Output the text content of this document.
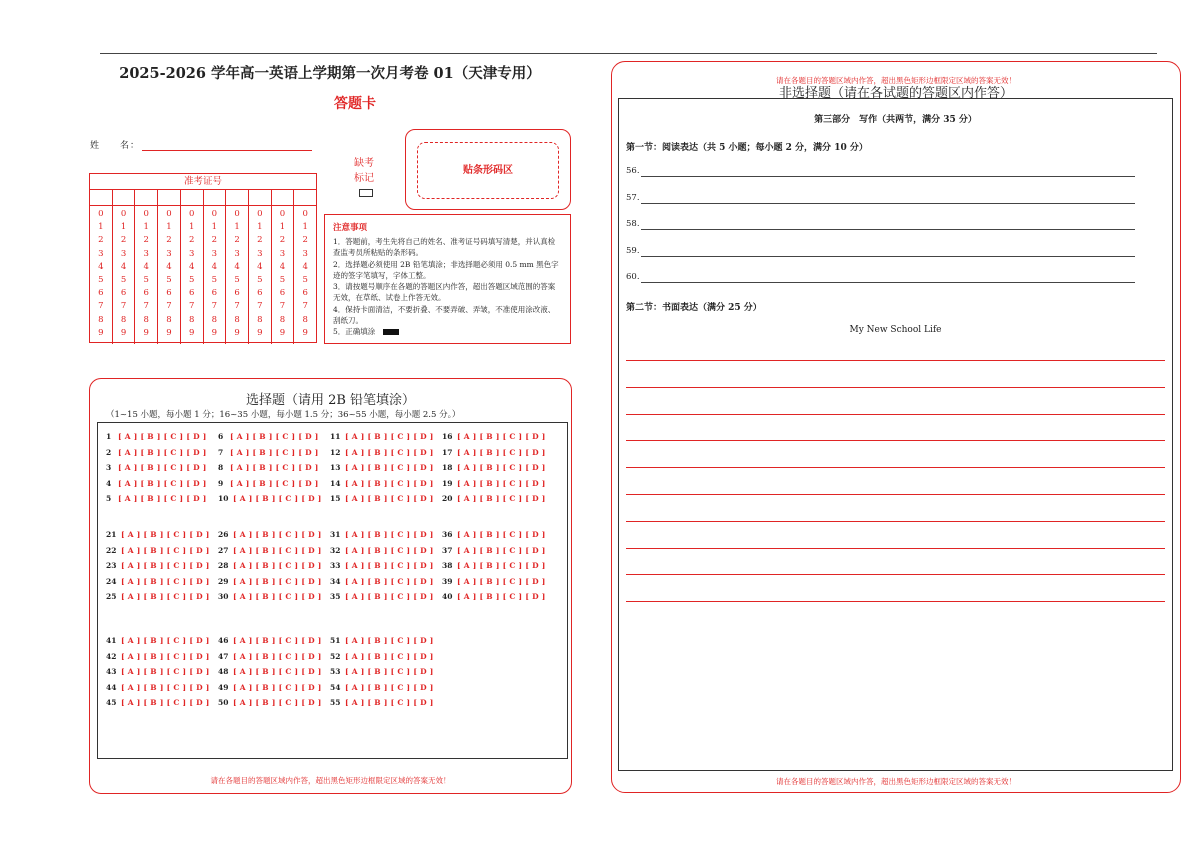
2025-2026 学年高一英语上学期第一次月考卷 01（天津专用）
答题卡
姓　　名：
准考证号
0
1
2
3
4
5
6
7
8
9
0
1
2
3
4
5
6
7
8
9
0
1
2
3
4
5
6
7
8
9
0
1
2
3
4
5
6
7
8
9
0
1
2
3
4
5
6
7
8
9
0
1
2
3
4
5
6
7
8
9
0
1
2
3
4
5
6
7
8
9
0
1
2
3
4
5
6
7
8
9
0
1
2
3
4
5
6
7
8
9
0
1
2
3
4
5
6
7
8
9
缺考
标记
贴条形码区
注意事项
1．答题前，考生先将自己的姓名、准考证号码填写清楚，并认真检查监考员所粘贴的条形码。
2．选择题必须使用 2B 铅笔填涂；非选择题必须用 0.5 mm 黑色字迹的签字笔填写，字体工整。
3．请按题号顺序在各题的答题区内作答，超出答题区域范围的答案无效，在草纸、试卷上作答无效。
4．保持卡面清洁，不要折叠、不要弄破、弄皱，不准使用涂改液、刮纸刀。
5．正确填涂
选择题（请用 2B 铅笔填涂）
（1~15 小题，每小题 1 分；16~35 小题，每小题 1.5 分；36~55 小题，每小题 2.5 分。）
1 [ A ] [ B ] [ C ] [ D ]
2 [ A ] [ B ] [ C ] [ D ]
3 [ A ] [ B ] [ C ] [ D ]
4 [ A ] [ B ] [ C ] [ D ]
5 [ A ] [ B ] [ C ] [ D ]
6 [ A ] [ B ] [ C ] [ D ]
7 [ A ] [ B ] [ C ] [ D ]
8 [ A ] [ B ] [ C ] [ D ]
9 [ A ] [ B ] [ C ] [ D ]
10 [ A ] [ B ] [ C ] [ D ]
11 [ A ] [ B ] [ C ] [ D ]
12 [ A ] [ B ] [ C ] [ D ]
13 [ A ] [ B ] [ C ] [ D ]
14 [ A ] [ B ] [ C ] [ D ]
15 [ A ] [ B ] [ C ] [ D ]
16 [ A ] [ B ] [ C ] [ D ]
17 [ A ] [ B ] [ C ] [ D ]
18 [ A ] [ B ] [ C ] [ D ]
19 [ A ] [ B ] [ C ] [ D ]
20 [ A ] [ B ] [ C ] [ D ]
21 [ A ] [ B ] [ C ] [ D ]
22 [ A ] [ B ] [ C ] [ D ]
23 [ A ] [ B ] [ C ] [ D ]
24 [ A ] [ B ] [ C ] [ D ]
25 [ A ] [ B ] [ C ] [ D ]
26 [ A ] [ B ] [ C ] [ D ]
27 [ A ] [ B ] [ C ] [ D ]
28 [ A ] [ B ] [ C ] [ D ]
29 [ A ] [ B ] [ C ] [ D ]
30 [ A ] [ B ] [ C ] [ D ]
31 [ A ] [ B ] [ C ] [ D ]
32 [ A ] [ B ] [ C ] [ D ]
33 [ A ] [ B ] [ C ] [ D ]
34 [ A ] [ B ] [ C ] [ D ]
35 [ A ] [ B ] [ C ] [ D ]
36 [ A ] [ B ] [ C ] [ D ]
37 [ A ] [ B ] [ C ] [ D ]
38 [ A ] [ B ] [ C ] [ D ]
39 [ A ] [ B ] [ C ] [ D ]
40 [ A ] [ B ] [ C ] [ D ]
41 [ A ] [ B ] [ C ] [ D ]
42 [ A ] [ B ] [ C ] [ D ]
43 [ A ] [ B ] [ C ] [ D ]
44 [ A ] [ B ] [ C ] [ D ]
45 [ A ] [ B ] [ C ] [ D ]
46 [ A ] [ B ] [ C ] [ D ]
47 [ A ] [ B ] [ C ] [ D ]
48 [ A ] [ B ] [ C ] [ D ]
49 [ A ] [ B ] [ C ] [ D ]
50 [ A ] [ B ] [ C ] [ D ]
51 [ A ] [ B ] [ C ] [ D ]
52 [ A ] [ B ] [ C ] [ D ]
53 [ A ] [ B ] [ C ] [ D ]
54 [ A ] [ B ] [ C ] [ D ]
55 [ A ] [ B ] [ C ] [ D ]
请在各题目的答题区域内作答，超出黑色矩形边框限定区域的答案无效！
请在各题目的答题区域内作答，超出黑色矩形边框限定区域的答案无效！
非选择题（请在各试题的答题区内作答）
第三部分　写作（共两节，满分 35 分）
第一节：阅读表达（共 5 小题；每小题 2 分，满分 10 分）
56.
57.
58.
59.
60.
第二节：书面表达（满分 25 分）
My New School Life
请在各题目的答题区域内作答，超出黑色矩形边框限定区域的答案无效！
